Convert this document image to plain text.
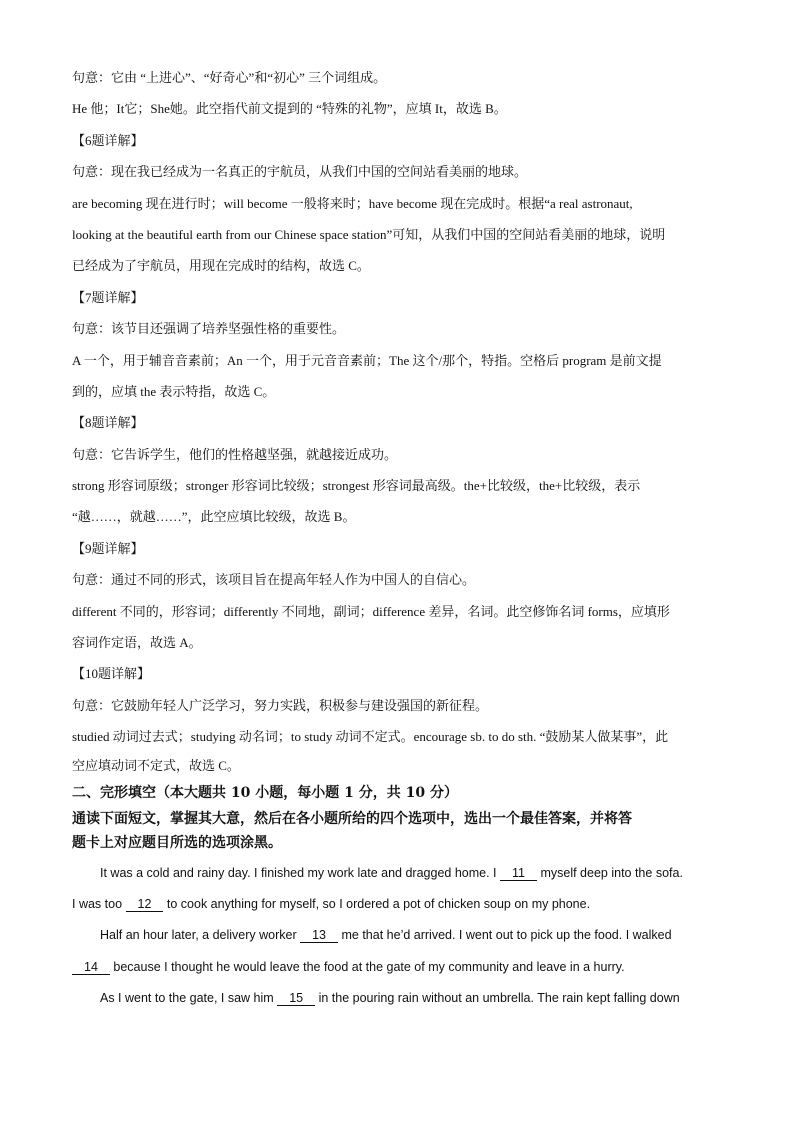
句意：它由 “上进心”、“好奇心”和“初心” 三个词组成。
He 他；It它；She她。此空指代前文提到的 “特殊的礼物”，应填 It，故选 B。
【6题详解】
句意：现在我已经成为一名真正的宇航员，从我们中国的空间站看美丽的地球。
are becoming 现在进行时；will become 一般将来时；have become 现在完成时。根据“a real astronaut,
looking at the beautiful earth from our Chinese space station”可知，从我们中国的空间站看美丽的地球，说明
已经成为了宇航员，用现在完成时的结构，故选 C。
【7题详解】
句意：该节目还强调了培养坚强性格的重要性。
A 一个，用于辅音音素前；An 一个，用于元音音素前；The 这个/那个，特指。空格后 program 是前文提
到的，应填 the 表示特指，故选 C。
【8题详解】
句意：它告诉学生，他们的性格越坚强，就越接近成功。
strong 形容词原级；stronger 形容词比较级；strongest 形容词最高级。the+比较级，the+比较级，表示
“越……，就越……”，此空应填比较级，故选 B。
【9题详解】
句意：通过不同的形式，该项目旨在提高年轻人作为中国人的自信心。
different 不同的，形容词；differently 不同地，副词；difference 差异，名词。此空修饰名词 forms，应填形
容词作定语，故选 A。
【10题详解】
句意：它鼓励年轻人广泛学习，努力实践，积极参与建设强国的新征程。
studied 动词过去式；studying 动名词；to study 动词不定式。encourage sb. to do sth. “鼓励某人做某事”，此
空应填动词不定式，故选 C。
二、完形填空（本大题共 10 小题，每小题 1 分，共 10 分）
通读下面短文，掌握其大意，然后在各小题所给的四个选项中，选出一个最佳答案，并将答
题卡上对应题目所选的选项涂黑。
It was a cold and rainy day. I finished my work late and dragged home. I 11 myself deep into the sofa.
I was too 12 to cook anything for myself, so I ordered a pot of chicken soup on my phone.
Half an hour later, a delivery worker 13 me that he’d arrived. I went out to pick up the food. I walked
14 because I thought he would leave the food at the gate of my community and leave in a hurry.
As I went to the gate, I saw him 15 in the pouring rain without an umbrella. The rain kept falling down
